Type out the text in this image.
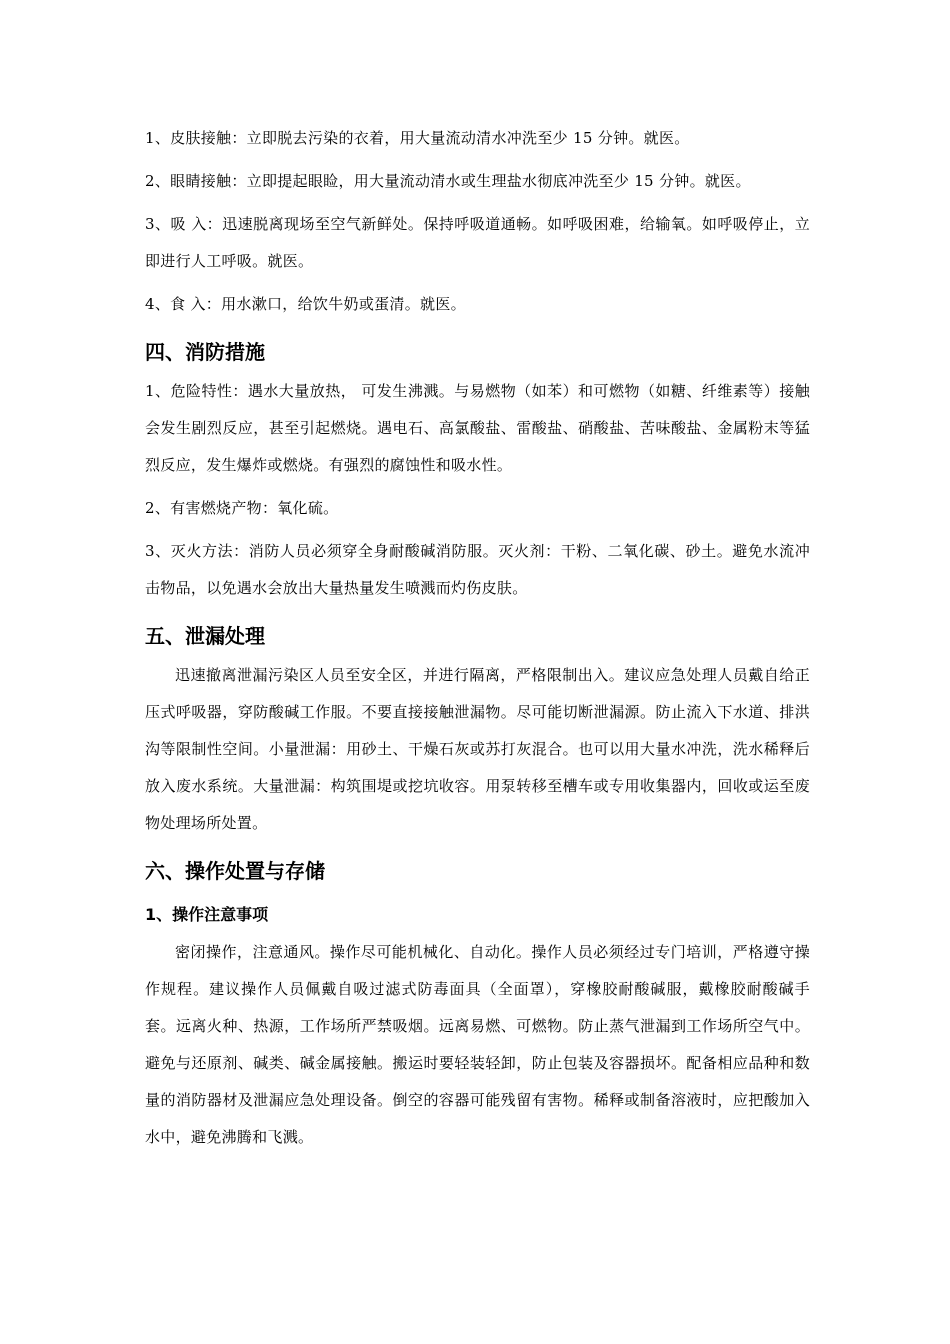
1、皮肤接触：立即脱去污染的衣着，用大量流动清水冲洗至少 15 分钟。就医。

2、眼睛接触：立即提起眼睑，用大量流动清水或生理盐水彻底冲洗至少 15 分钟。就医。

3、吸 入：迅速脱离现场至空气新鲜处。保持呼吸道通畅。如呼吸困难，给输氧。如呼吸停止，立即进行人工呼吸。就医。

4、食 入：用水漱口，给饮牛奶或蛋清。就医。

四、消防措施

1、危险特性：遇水大量放热， 可发生沸溅。与易燃物（如苯）和可燃物（如糖、纤维素等）接触会发生剧烈反应，甚至引起燃烧。遇电石、高氯酸盐、雷酸盐、硝酸盐、苦味酸盐、金属粉末等猛烈反应，发生爆炸或燃烧。有强烈的腐蚀性和吸水性。

2、有害燃烧产物：氧化硫。

3、灭火方法：消防人员必须穿全身耐酸碱消防服。灭火剂：干粉、二氧化碳、砂土。避免水流冲击物品，以免遇水会放出大量热量发生喷溅而灼伤皮肤。

五、泄漏处理

迅速撤离泄漏污染区人员至安全区，并进行隔离，严格限制出入。建议应急处理人员戴自给正压式呼吸器，穿防酸碱工作服。不要直接接触泄漏物。尽可能切断泄漏源。防止流入下水道、排洪沟等限制性空间。小量泄漏：用砂土、干燥石灰或苏打灰混合。也可以用大量水冲洗，洗水稀释后放入废水系统。大量泄漏：构筑围堤或挖坑收容。用泵转移至槽车或专用收集器内，回收或运至废物处理场所处置。

六、操作处置与存储
1、操作注意事项

密闭操作，注意通风。操作尽可能机械化、自动化。操作人员必须经过专门培训，严格遵守操作规程。建议操作人员佩戴自吸过滤式防毒面具（全面罩），穿橡胶耐酸碱服，戴橡胶耐酸碱手套。远离火种、热源，工作场所严禁吸烟。远离易燃、可燃物。防止蒸气泄漏到工作场所空气中。避免与还原剂、碱类、碱金属接触。搬运时要轻装轻卸，防止包装及容器损坏。配备相应品种和数量的消防器材及泄漏应急处理设备。倒空的容器可能残留有害物。稀释或制备溶液时，应把酸加入水中，避免沸腾和飞溅。
